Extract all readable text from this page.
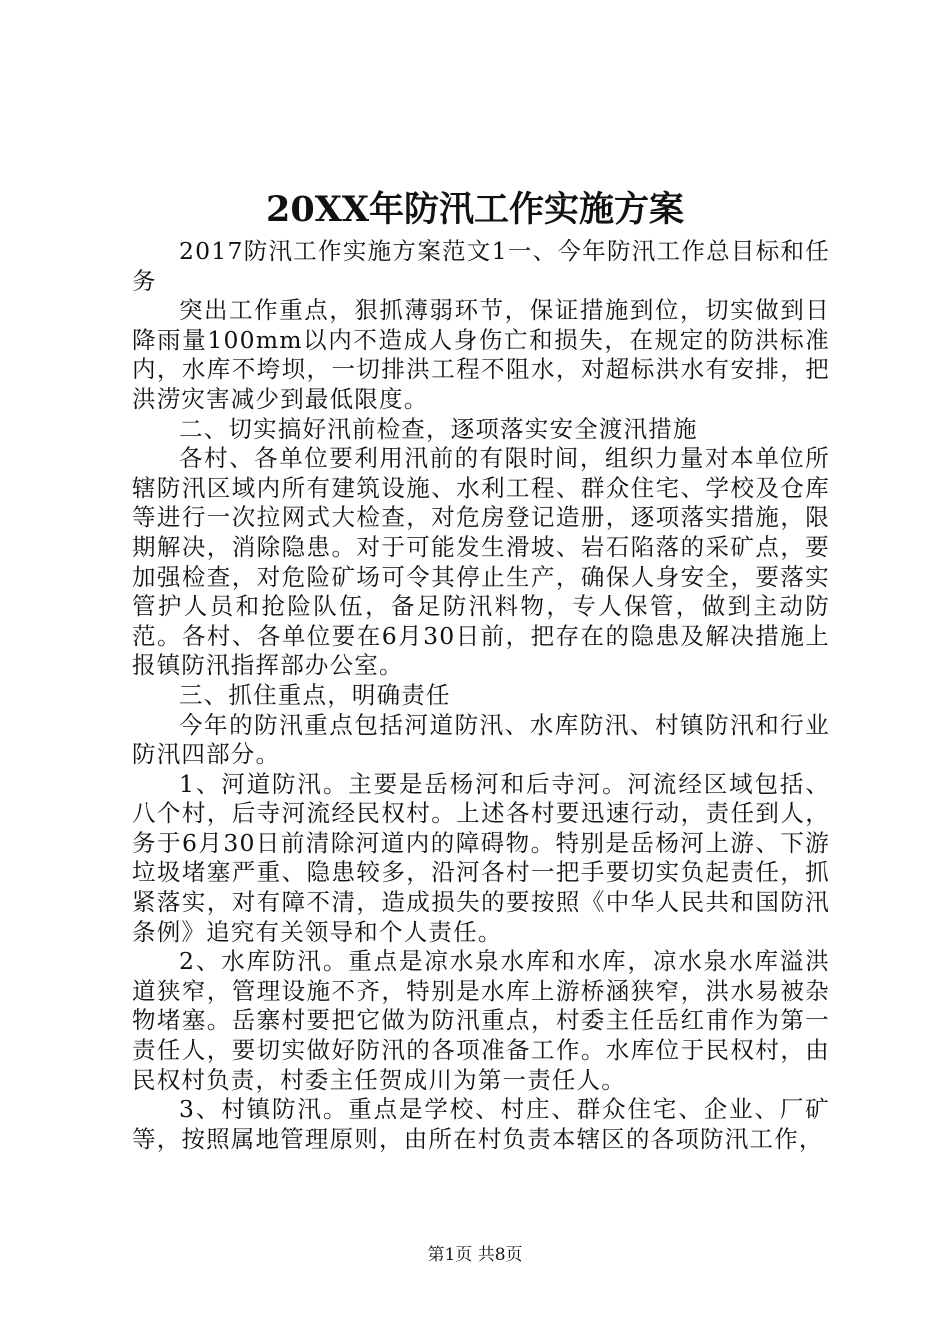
20XX年防汛工作实施方案

2017防汛工作实施方案范文1一、今年防汛工作总目标和任务

突出工作重点，狠抓薄弱环节，保证措施到位，切实做到日降雨量100mm以内不造成人身伤亡和损失，在规定的防洪标准内，水库不垮坝，一切排洪工程不阻水，对超标洪水有安排，把洪涝灾害减少到最低限度。

二、切实搞好汛前检查，逐项落实安全渡汛措施

各村、各单位要利用汛前的有限时间，组织力量对本单位所辖防汛区域内所有建筑设施、水利工程、群众住宅、学校及仓库等进行一次拉网式大检查，对危房登记造册，逐项落实措施，限期解决，消除隐患。对于可能发生滑坡、岩石陷落的采矿点，要加强检查，对危险矿场可令其停止生产，确保人身安全，要落实管护人员和抢险队伍，备足防汛料物，专人保管，做到主动防范。各村、各单位要在6月30日前，把存在的隐患及解决措施上报镇防汛指挥部办公室。

三、抓住重点，明确责任

今年的防汛重点包括河道防汛、水库防汛、村镇防汛和行业防汛四部分。

1、河道防汛。主要是岳杨河和后寺河。河流经区域包括、八个村，后寺河流经民权村。上述各村要迅速行动，责任到人，务于6月30日前清除河道内的障碍物。特别是岳杨河上游、下游垃圾堵塞严重、隐患较多，沿河各村一把手要切实负起责任，抓紧落实，对有障不清，造成损失的要按照《中华人民共和国防汛条例》追究有关领导和个人责任。

2、水库防汛。重点是凉水泉水库和水库，凉水泉水库溢洪道狭窄，管理设施不齐，特别是水库上游桥涵狭窄，洪水易被杂物堵塞。岳寨村要把它做为防汛重点，村委主任岳红甫作为第一责任人，要切实做好防汛的各项准备工作。水库位于民权村，由民权村负责，村委主任贺成川为第一责任人。

3、村镇防汛。重点是学校、村庄、群众住宅、企业、厂矿等，按照属地管理原则，由所在村负责本辖区的各项防汛工作，

第1页 共8页
